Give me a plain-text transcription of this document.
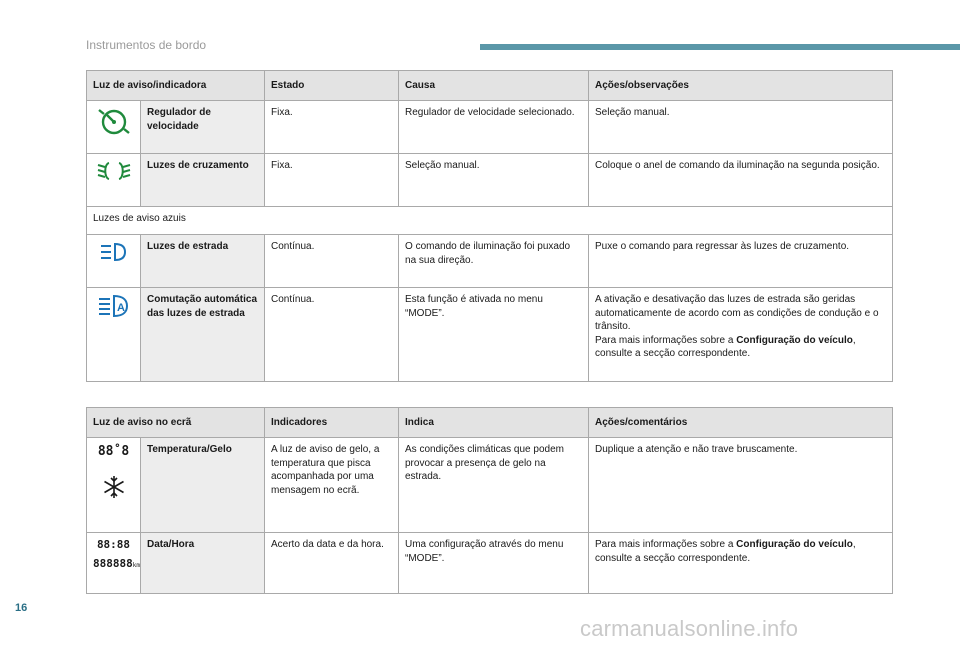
Instrumentos de bordo
Luz de aviso/indicadora		Estado	Causa	Ações/observações

	Regulador de velocidade	Fixa.	Regulador de velocidade selecionado.	Seleção manual.

	Luzes de cruzamento	Fixa.	Seleção manual.	Coloque o anel de comando da iluminação na segunda posição.
Luzes de aviso azuis				

	Luzes de estrada	Contínua.	O comando de iluminação foi puxado na sua direção.	Puxe o comando para regressar às luzes de cruzamento.

A	Comutação automática das luzes de estrada	Contínua.	Esta função é ativada no menu “MODE”.	A ativação e desativação das luzes de estrada são geridas automaticamente de acordo com as condições de condução e o trânsito.
Para mais informações sobre a Configuração do veículo,
consulte a secção correspondente.
Luz de aviso no ecrã		Indicadores	Indica	Ações/comentários

88˚8	Temperatura/Gelo	A luz de aviso de gelo, a temperatura que pisca acompanhada por uma mensagem no ecrã.	As condições climáticas que podem provocar a presença de gelo na estrada.	Duplique a atenção e não trave bruscamente.

88:88
888888km	Data/Hora	Acerto da data e da hora.	Uma configuração através do menu “MODE”.	Para mais informações sobre a Configuração do veículo,
consulte a secção correspondente.
16
carmanualsonline.info
